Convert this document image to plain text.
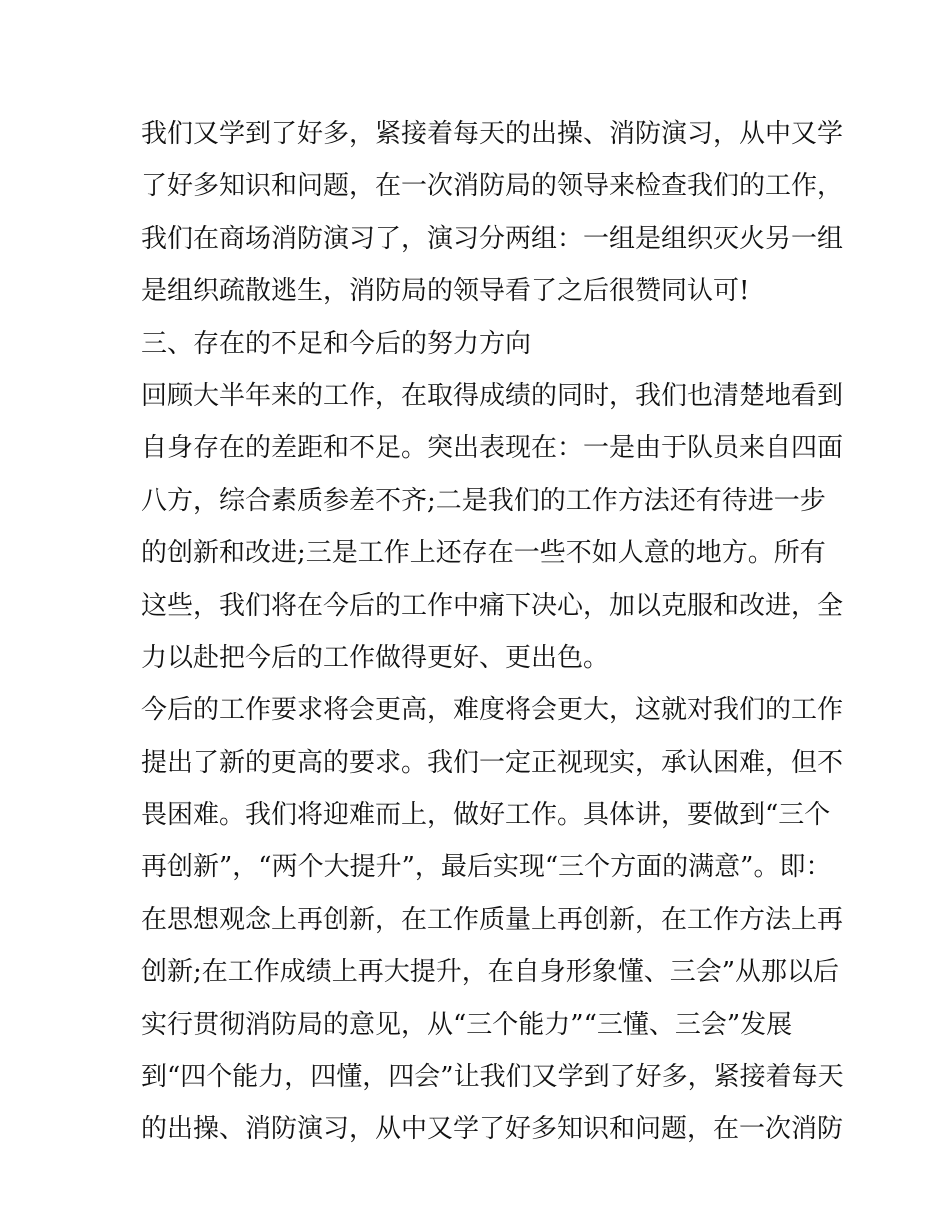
我们又学到了好多，紧接着每天的出操、消防演习，从中又学
了好多知识和问题，在一次消防局的领导来检查我们的工作，
我们在商场消防演习了，演习分两组：一组是组织灭火另一组
是组织疏散逃生，消防局的领导看了之后很赞同认可!
三、存在的不足和今后的努力方向
回顾大半年来的工作，在取得成绩的同时，我们也清楚地看到
自身存在的差距和不足。突出表现在：一是由于队员来自四面
八方，综合素质参差不齐;二是我们的工作方法还有待进一步
的创新和改进;三是工作上还存在一些不如人意的地方。所有
这些，我们将在今后的工作中痛下决心，加以克服和改进，全
力以赴把今后的工作做得更好、更出色。
今后的工作要求将会更高，难度将会更大，这就对我们的工作
提出了新的更高的要求。我们一定正视现实，承认困难，但不
畏困难。我们将迎难而上，做好工作。具体讲，要做到“三个
再创新”，“两个大提升”，最后实现“三个方面的满意”。即：
在思想观念上再创新，在工作质量上再创新，在工作方法上再
创新;在工作成绩上再大提升，在自身形象懂、三会”从那以后
实行贯彻消防局的意见，从“三个能力”“三懂、三会”发展
到“四个能力，四懂，四会”让我们又学到了好多，紧接着每天
的出操、消防演习，从中又学了好多知识和问题，在一次消防
